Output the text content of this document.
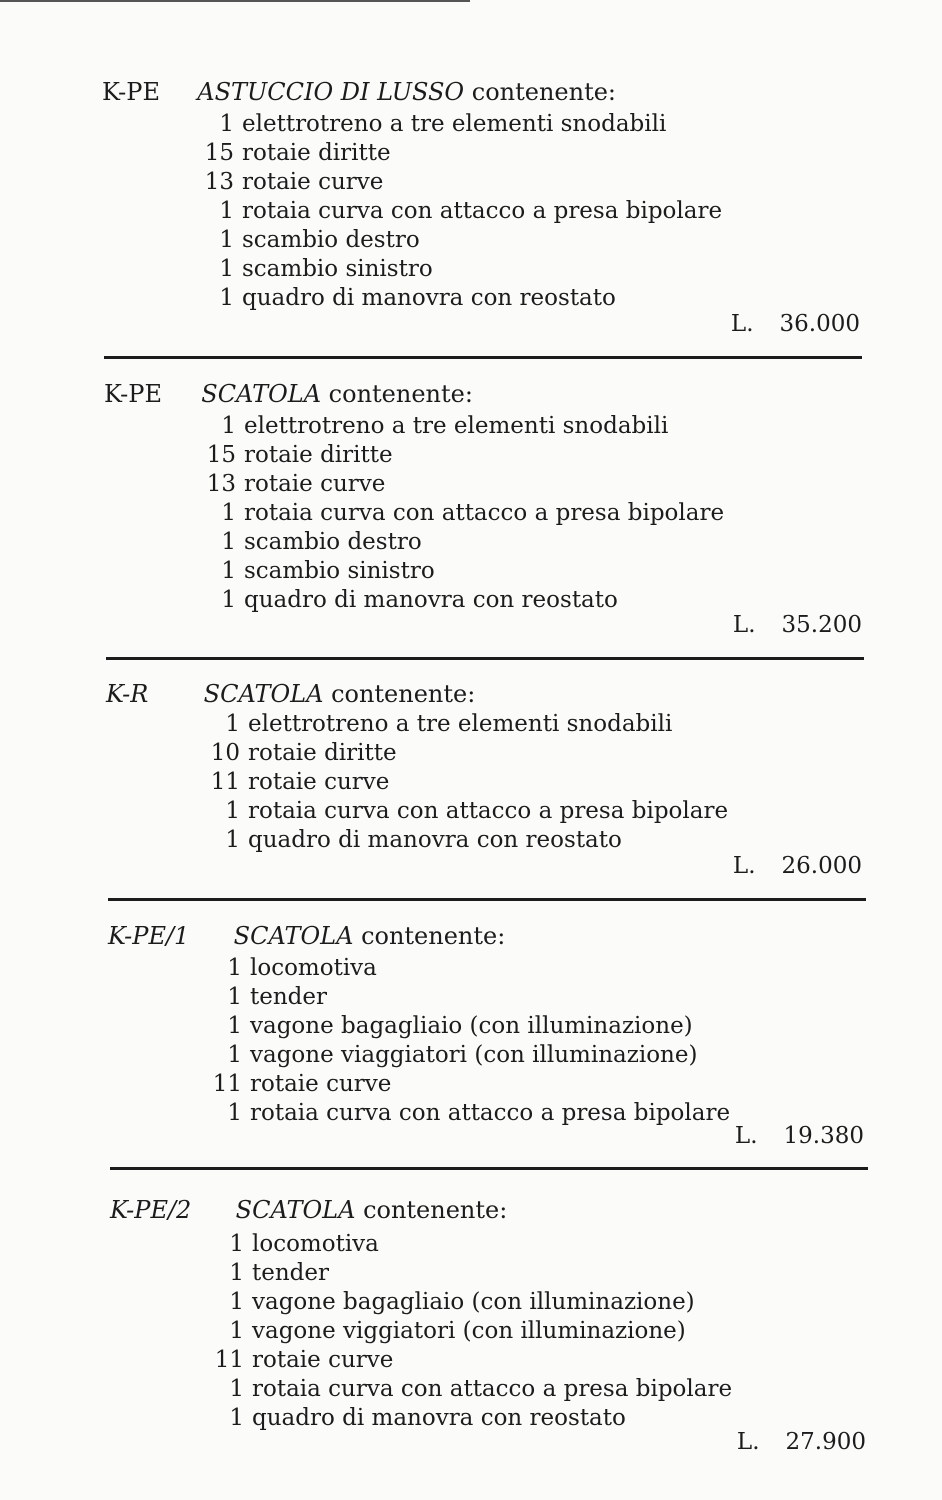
K-PE ASTUCCIO DI LUSSO contenente:
1 elettrotreno a tre elementi snodabili
15 rotaie diritte
13 rotaie curve
1 rotaia curva con attacco a presa bipolare
1 scambio destro
1 scambio sinistro
1 quadro di manovra con reostato
L. 36.000
K-PE SCATOLA contenente:
1 elettrotreno a tre elementi snodabili
15 rotaie diritte
13 rotaie curve
1 rotaia curva con attacco a presa bipolare
1 scambio destro
1 scambio sinistro
1 quadro di manovra con reostato
L. 35.200
K-R SCATOLA contenente:
1 elettrotreno a tre elementi snodabili
10 rotaie diritte
11 rotaie curve
1 rotaia curva con attacco a presa bipolare
1 quadro di manovra con reostato
L. 26.000
K-PE/1 SCATOLA contenente:
1 locomotiva
1 tender
1 vagone bagagliaio (con illuminazione)
1 vagone viaggiatori (con illuminazione)
11 rotaie curve
1 rotaia curva con attacco a presa bipolare
L. 19.380
K-PE/2 SCATOLA contenente:
1 locomotiva
1 tender
1 vagone bagagliaio (con illuminazione)
1 vagone viggiatori (con illuminazione)
11 rotaie curve
1 rotaia curva con attacco a presa bipolare
1 quadro di manovra con reostato
L. 27.900
